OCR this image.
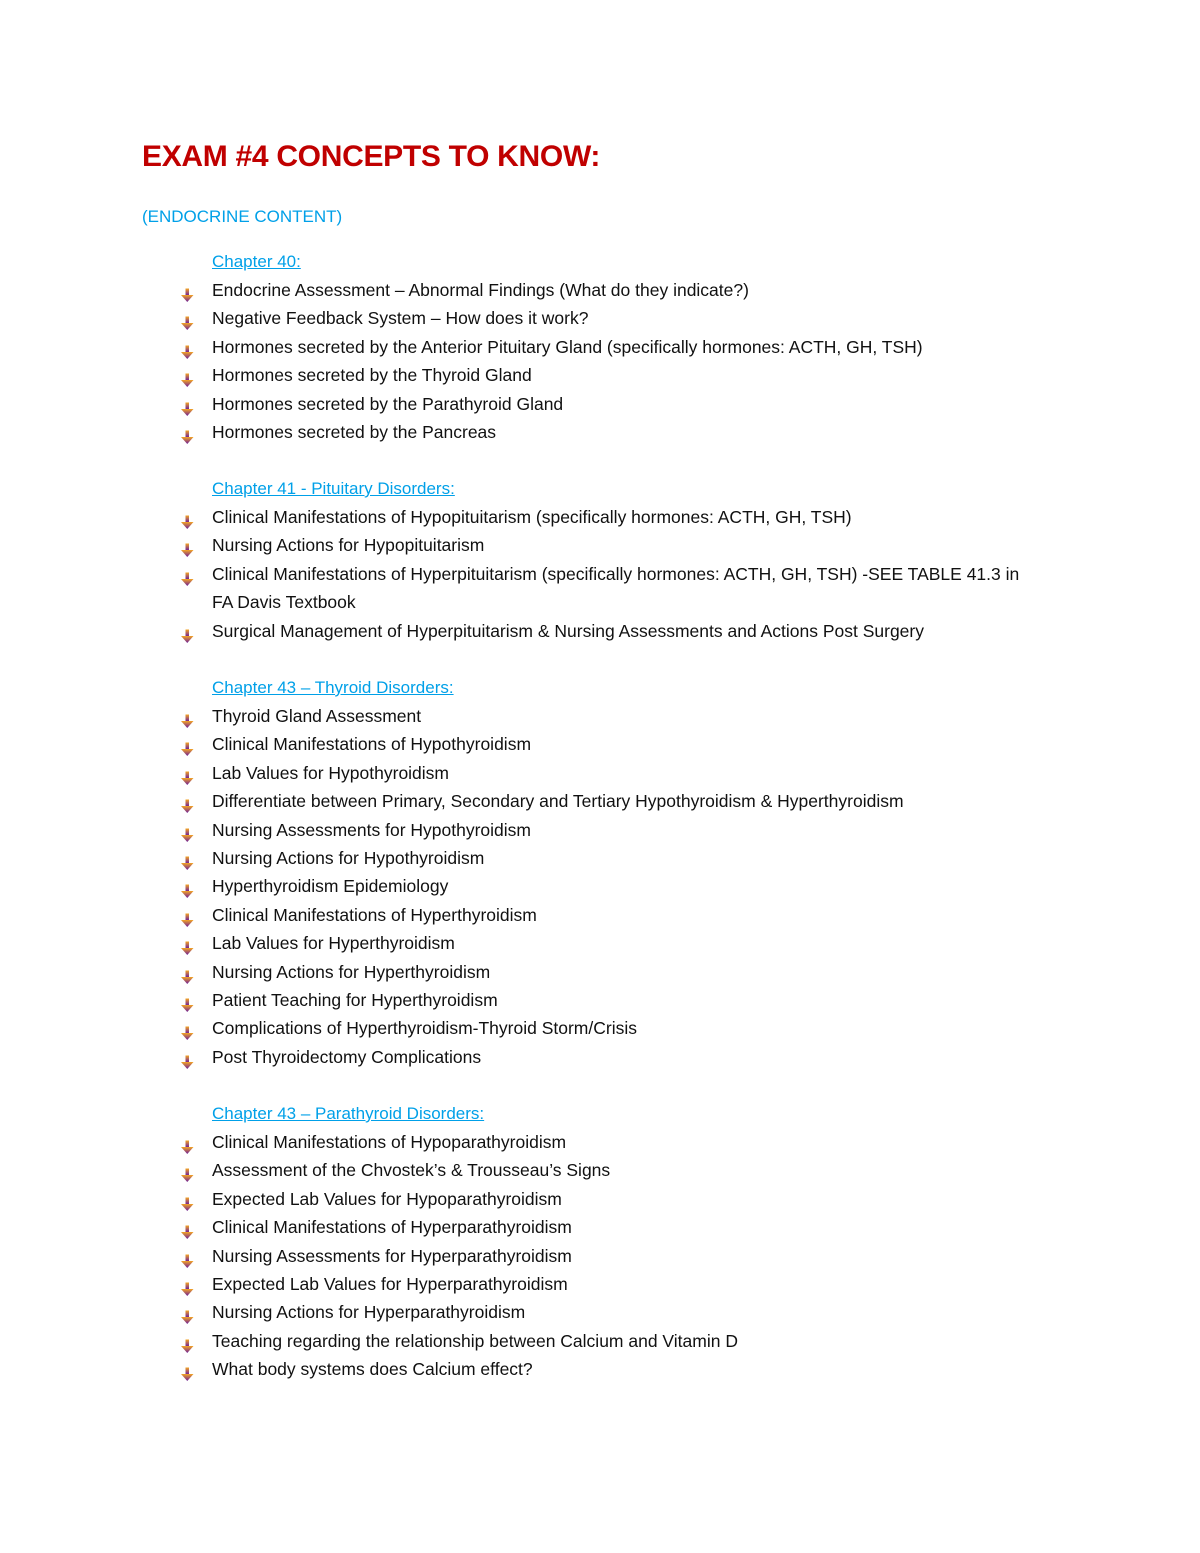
EXAM #4 CONCEPTS TO KNOW:

(ENDOCRINE CONTENT)

Chapter 40:
Endocrine Assessment – Abnormal Findings (What do they indicate?)
Negative Feedback System – How does it work?
Hormones secreted by the Anterior Pituitary Gland (specifically hormones: ACTH, GH, TSH)
Hormones secreted by the Thyroid Gland
Hormones secreted by the Parathyroid Gland
Hormones secreted by the Pancreas
Chapter 41 - Pituitary Disorders:
Clinical Manifestations of Hypopituitarism (specifically hormones: ACTH, GH, TSH)
Nursing Actions for Hypopituitarism
Clinical Manifestations of Hyperpituitarism (specifically hormones: ACTH, GH, TSH) -SEE TABLE 41.3 in FA Davis Textbook
Surgical Management of Hyperpituitarism & Nursing Assessments and Actions Post Surgery
Chapter 43 – Thyroid Disorders:
Thyroid Gland Assessment
Clinical Manifestations of Hypothyroidism
Lab Values for Hypothyroidism
Differentiate between Primary, Secondary and Tertiary Hypothyroidism & Hyperthyroidism
Nursing Assessments for Hypothyroidism
Nursing Actions for Hypothyroidism
Hyperthyroidism Epidemiology
Clinical Manifestations of Hyperthyroidism
Lab Values for Hyperthyroidism
Nursing Actions for Hyperthyroidism
Patient Teaching for Hyperthyroidism
Complications of Hyperthyroidism-Thyroid Storm/Crisis
Post Thyroidectomy Complications
Chapter 43 – Parathyroid Disorders:
Clinical Manifestations of Hypoparathyroidism
Assessment of the Chvostek’s & Trousseau’s Signs
Expected Lab Values for Hypoparathyroidism
Clinical Manifestations of Hyperparathyroidism
Nursing Assessments for Hyperparathyroidism
Expected Lab Values for Hyperparathyroidism
Nursing Actions for Hyperparathyroidism
Teaching regarding the relationship between Calcium and Vitamin D
What body systems does Calcium effect?
